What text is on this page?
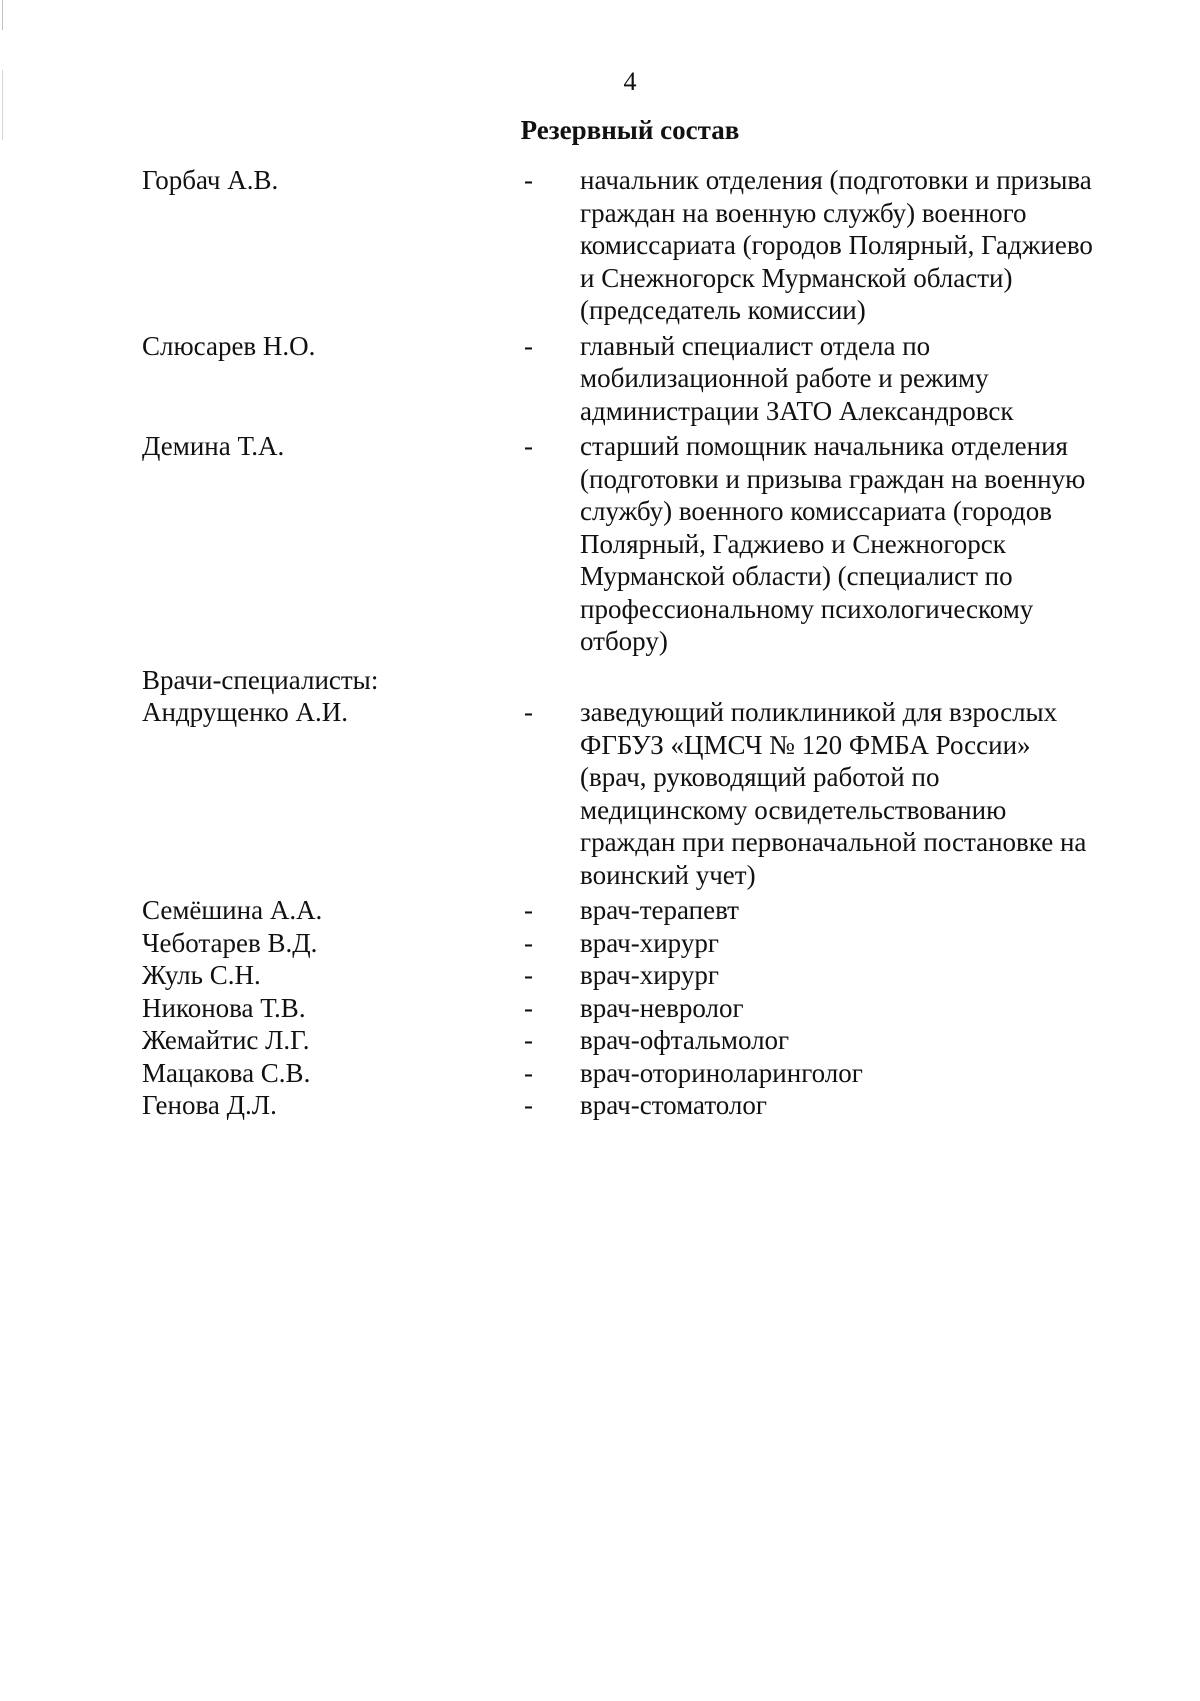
4
Резервный состав
Горбач А.В.	-	начальник отделения (подготовки и призыва граждан на военную службу) военного комиссариата (городов Полярный, Гаджиево и Снежногорск Мурманской области) (председатель комиссии)
Слюсарев Н.О.	-	главный специалист отдела по мобилизационной работе и режиму администрации ЗАТО Александровск
Демина Т.А.	-	старший помощник начальника отделения (подготовки и призыва граждан на военную службу) военного комиссариата (городов Полярный, Гаджиево и Снежногорск Мурманской области) (специалист по профессиональному психологическому отбору)
Врачи-специалисты:
Андрущенко А.И.	-	заведующий поликлиникой для взрослых ФГБУЗ «ЦМСЧ № 120 ФМБА России» (врач, руководящий работой по медицинскому освидетельствованию граждан при первоначальной постановке на воинский учет)
Семёшина А.А.	-	врач-терапевт
Чеботарев В.Д.	-	врач-хирург
Жуль С.Н.	-	врач-хирург
Никонова Т.В.	-	врач-невролог
Жемайтис Л.Г.	-	врач-офтальмолог
Мацакова С.В.	-	врач-оториноларинголог
Генова Д.Л.	-	врач-стоматолог
